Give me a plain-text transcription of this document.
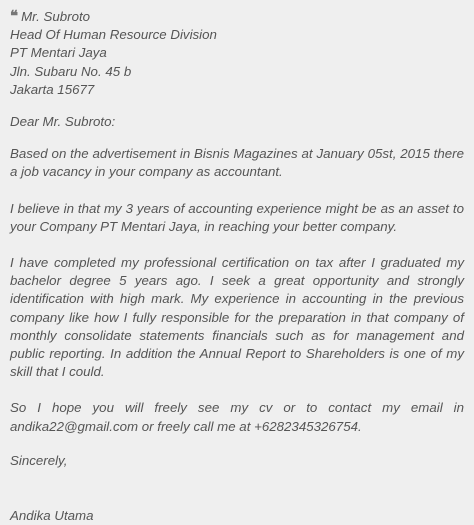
❝ Mr. Subroto

Head Of Human Resource Division

PT Mentari Jaya

Jln. Subaru No. 45 b

Jakarta 15677

Dear Mr. Subroto:

Based on the advertisement in Bisnis Magazines at January 05st, 2015 there a job vacancy in your company as accountant.

I believe in that my 3 years of accounting experience might be as an asset to your Company PT Mentari Jaya, in reaching your better company.

I have completed my professional certification on tax after I graduated my bachelor degree 5 years ago. I seek a great opportunity and strongly identification with high mark. My experience in accounting in the previous company like how I fully responsible for the preparation in that company of monthly consolidate statements financials such as for management and public reporting. In addition the Annual Report to Shareholders is one of my skill that I could.

So I hope you will freely see my cv or to contact my email in andika22@gmail.com or freely call me at +6282345326754.

Sincerely,

Andika Utama
